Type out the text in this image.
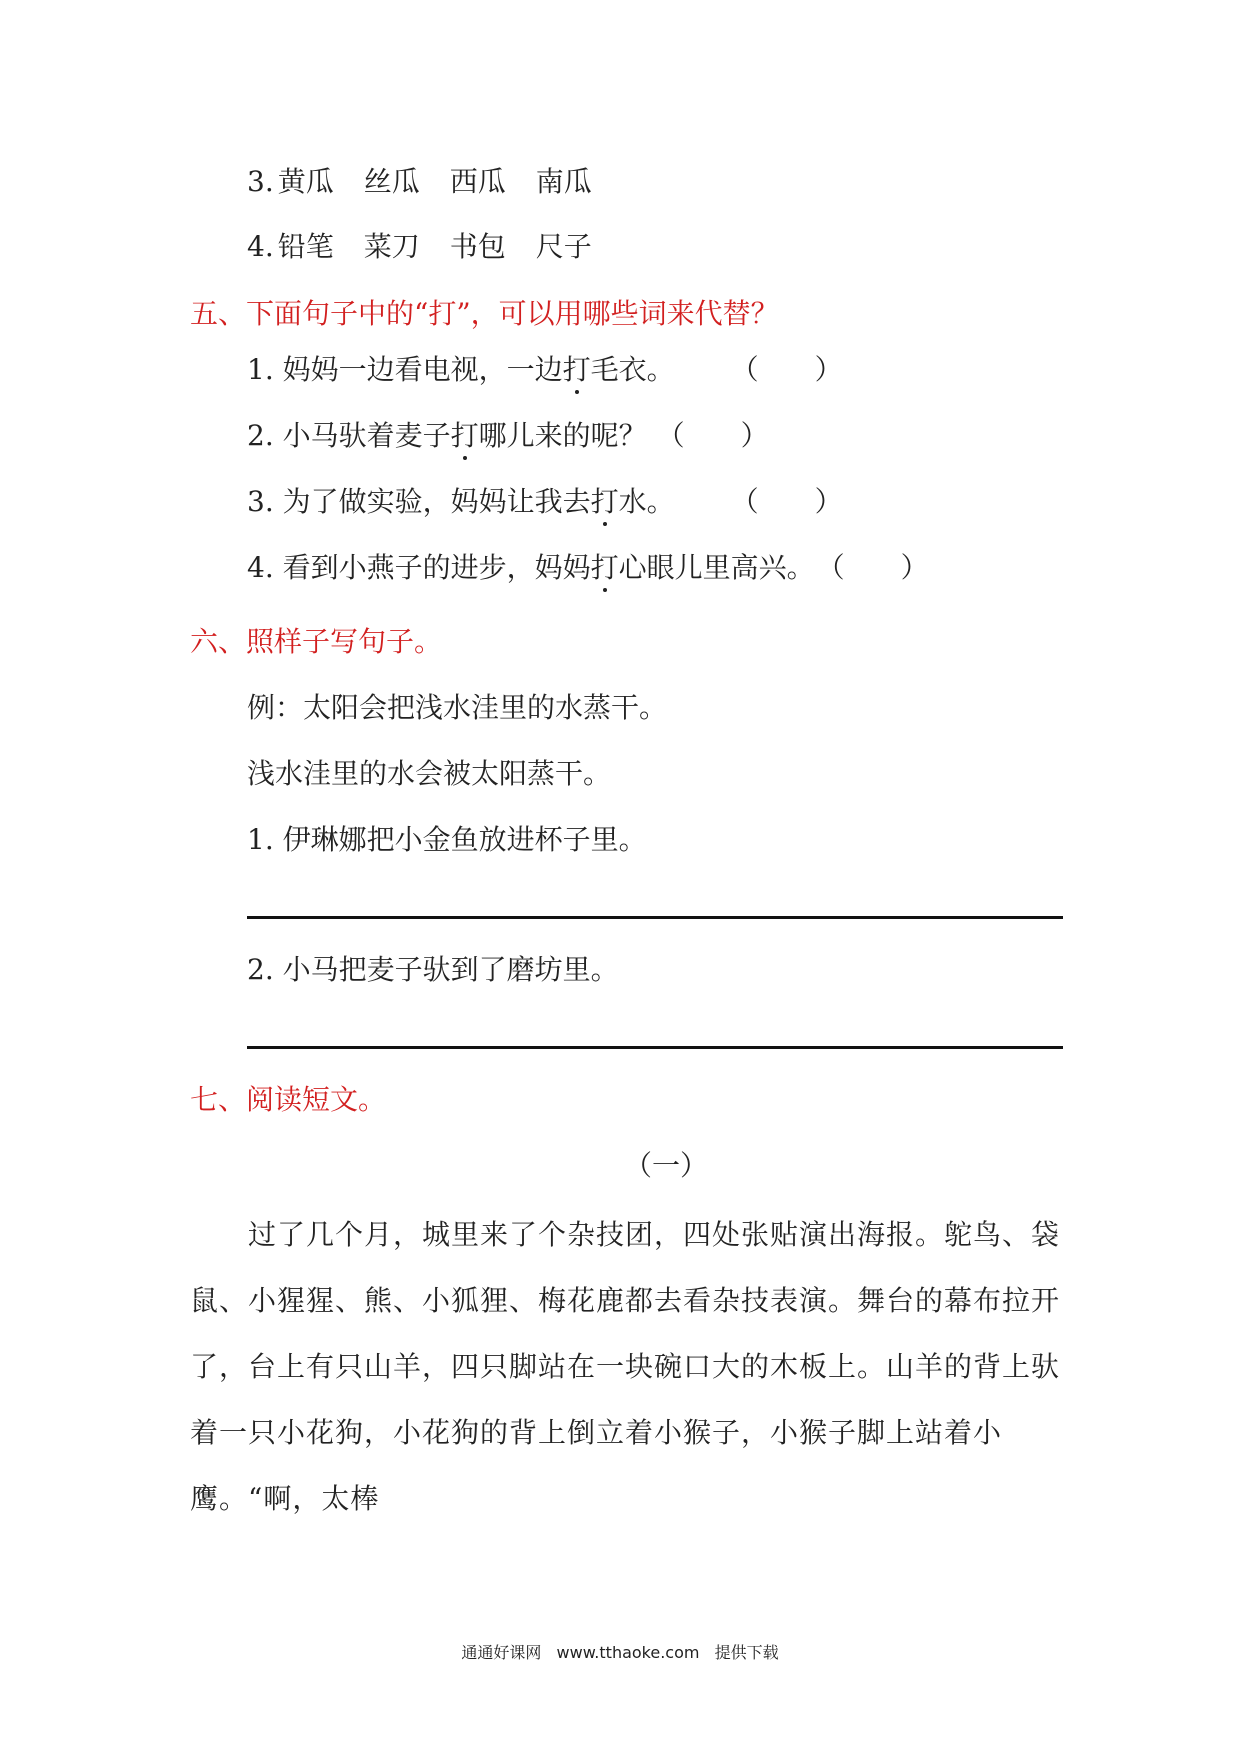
3. 黄瓜 丝瓜 西瓜 南瓜
4. 铅笔 菜刀 书包 尺子
五、下面句子中的“打”，可以用哪些词来代替？
1. 妈妈一边看电视，一边打毛衣。 （　　）
2. 小马驮着麦子打哪儿来的呢？ （　　）
3. 为了做实验，妈妈让我去打水。 （　　）
4. 看到小燕子的进步，妈妈打心眼儿里高兴。（　　）
六、照样子写句子。
例：太阳会把浅水洼里的水蒸干。
浅水洼里的水会被太阳蒸干。
1. 伊琳娜把小金鱼放进杯子里。
2. 小马把麦子驮到了磨坊里。
七、阅读短文。
（一）
过了几个月，城里来了个杂技团，四处张贴演出海报。鸵鸟、袋鼠、小猩猩、熊、小狐狸、梅花鹿都去看杂技表演。舞台的幕布拉开了，台上有只山羊，四只脚站在一块碗口大的木板上。山羊的背上驮着一只小花狗，小花狗的背上倒立着小猴子，小猴子脚上站着小鹰。“啊，太棒
通通好课网 www.tthaoke.com 提供下载
